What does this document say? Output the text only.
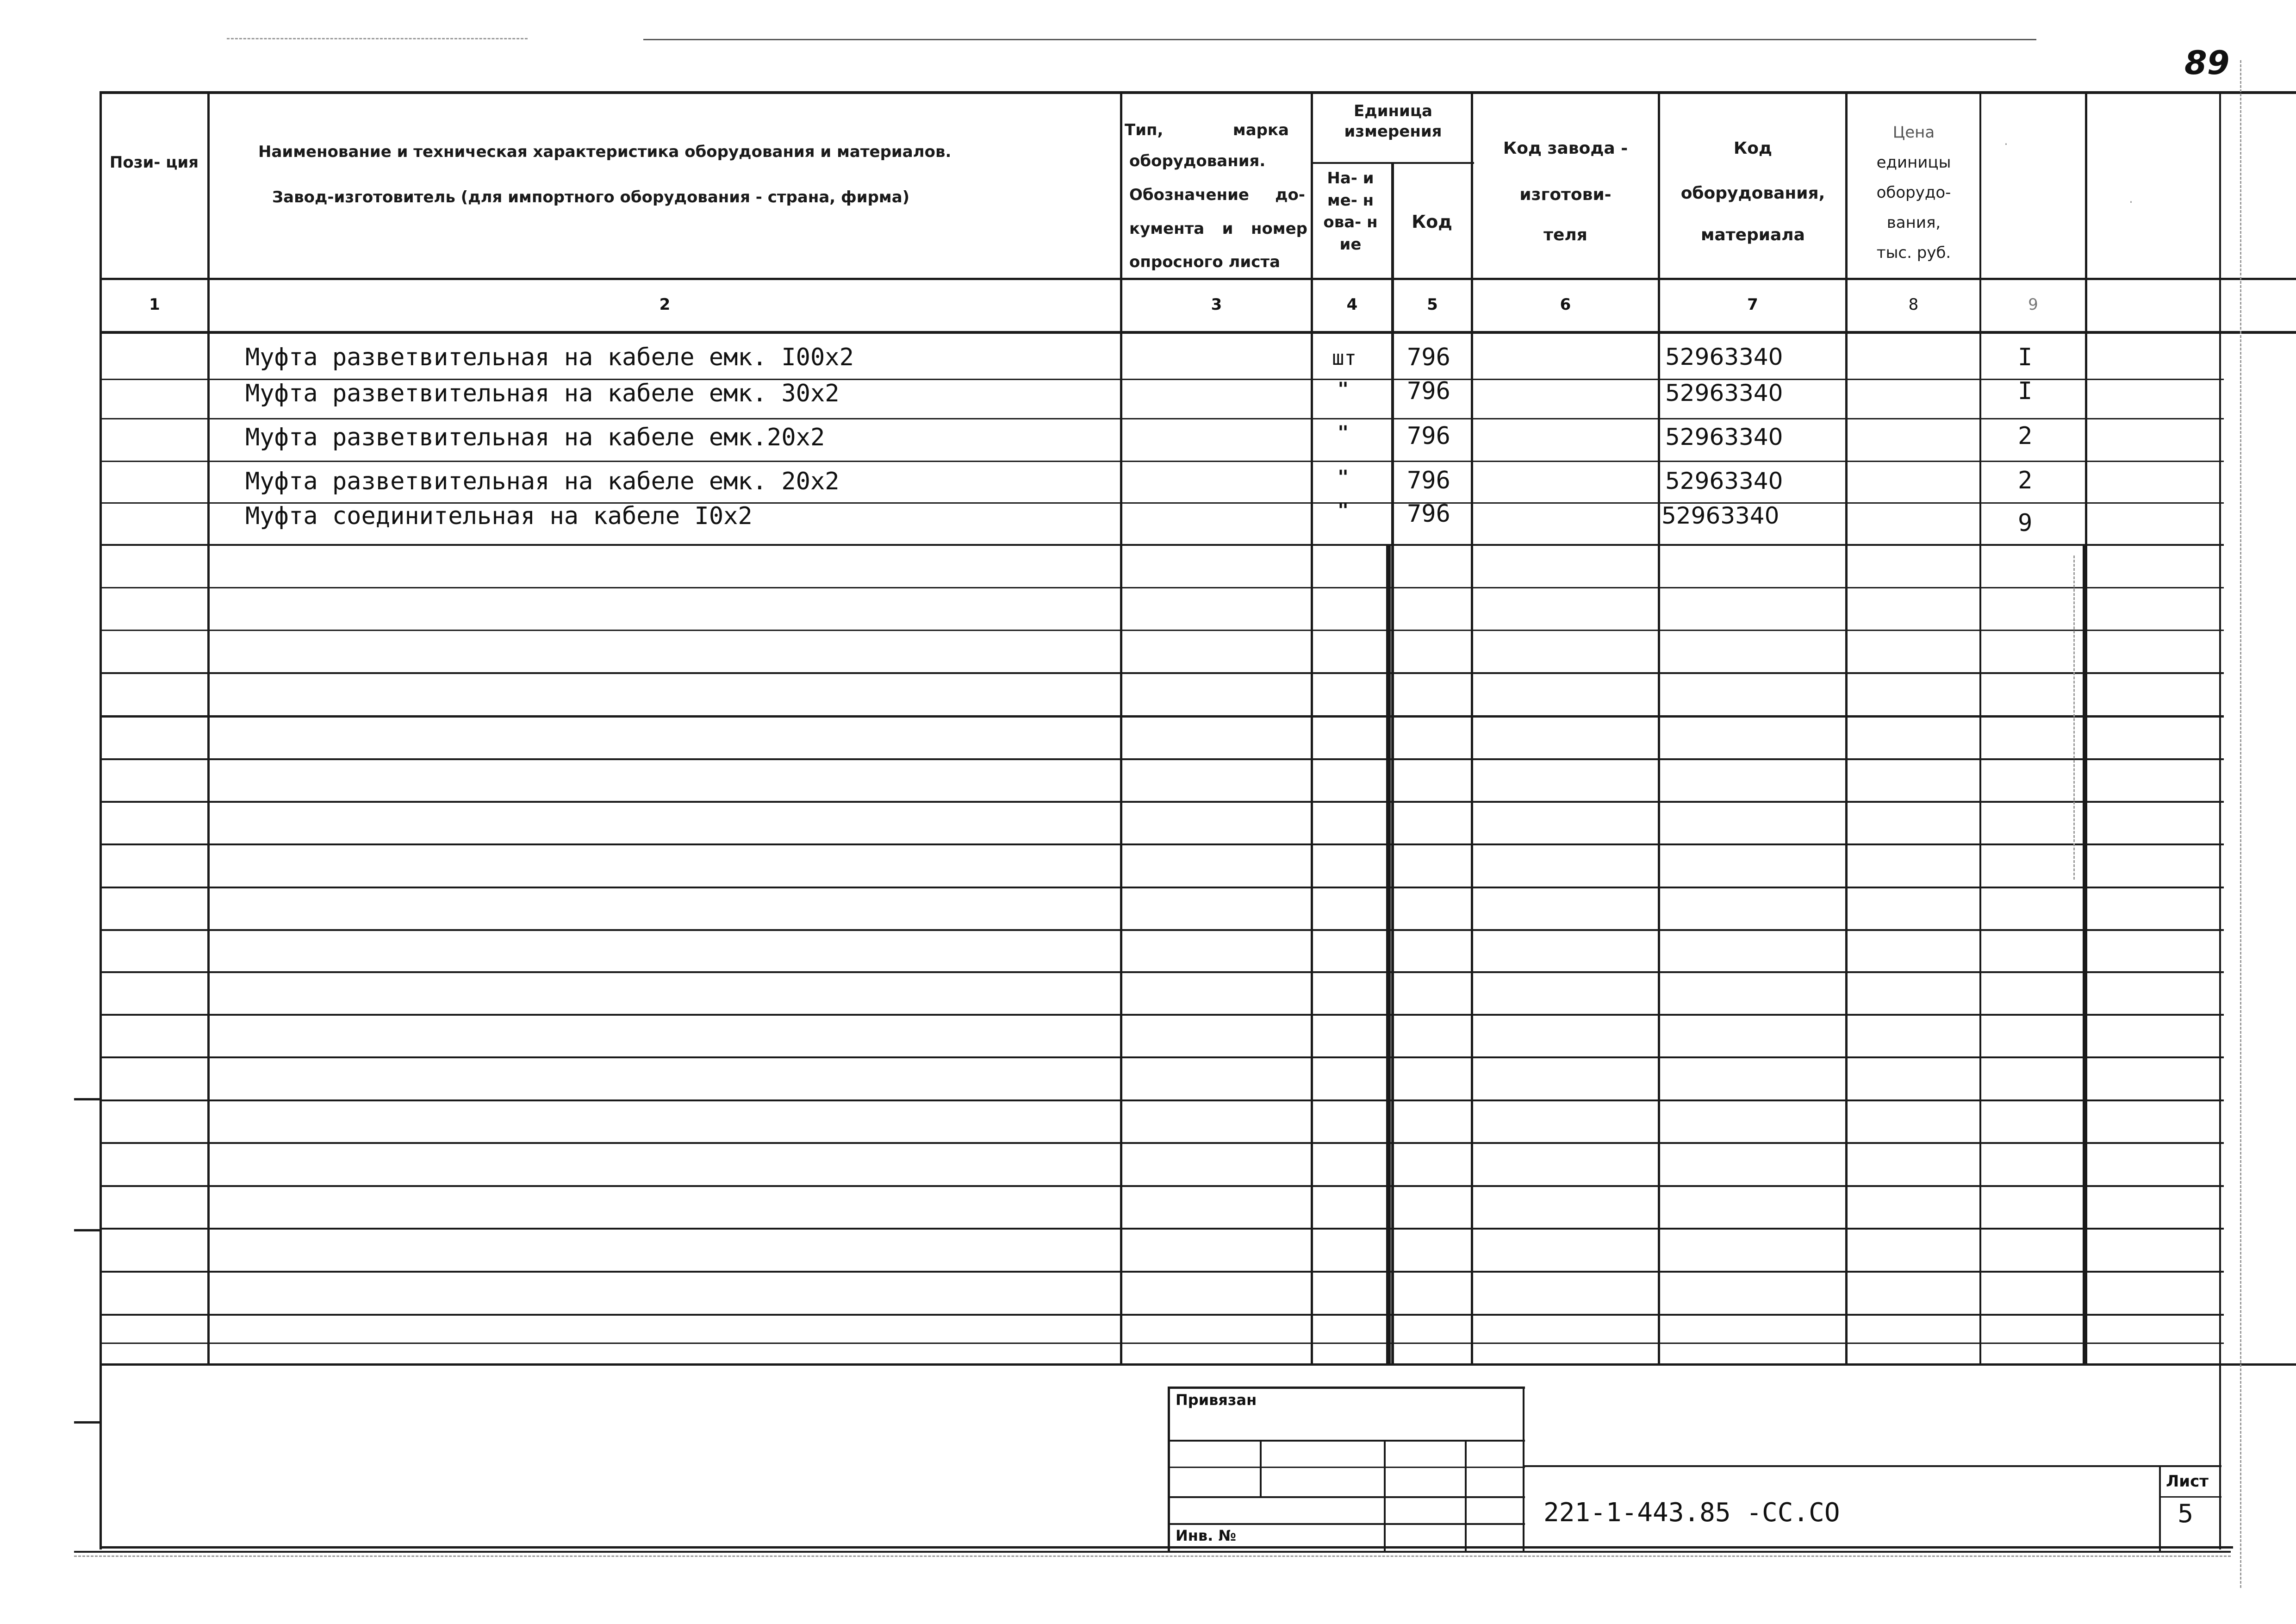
89
Пози- ция
Наименование и техническая характеристика оборудования и материалов.
Завод-изготовитель (для импортного оборудования - страна, фирма)
Тип, марка
оборудования.
Обозначение до-
кумента и номер
опросного листа
Единица измерения
На- име- нова- ние
Код
Код завода -
изготови-
теля
Код
оборудования,
материала
Цена
единицы
оборудо-
вания,
тыс. руб.
·
·
1	2	3	4	5	6	7	8	9
Муфта разветвительная на кабеле емк. I00х2	шт 796	52963340	I
Муфта разветвительная на кабеле емк. 30х2	" 796	52963340	I
Муфта разветвительная на кабеле емк.20х2	" 796	52963340	2
Муфта разветвительная на кабеле емк. 20х2	" 796	52963340	2
Муфта соединительная на кабеле I0х2	" 796	52963340	9
Привязан
Инв. №
221-1-443.85 -СС.СО
Лист
5
